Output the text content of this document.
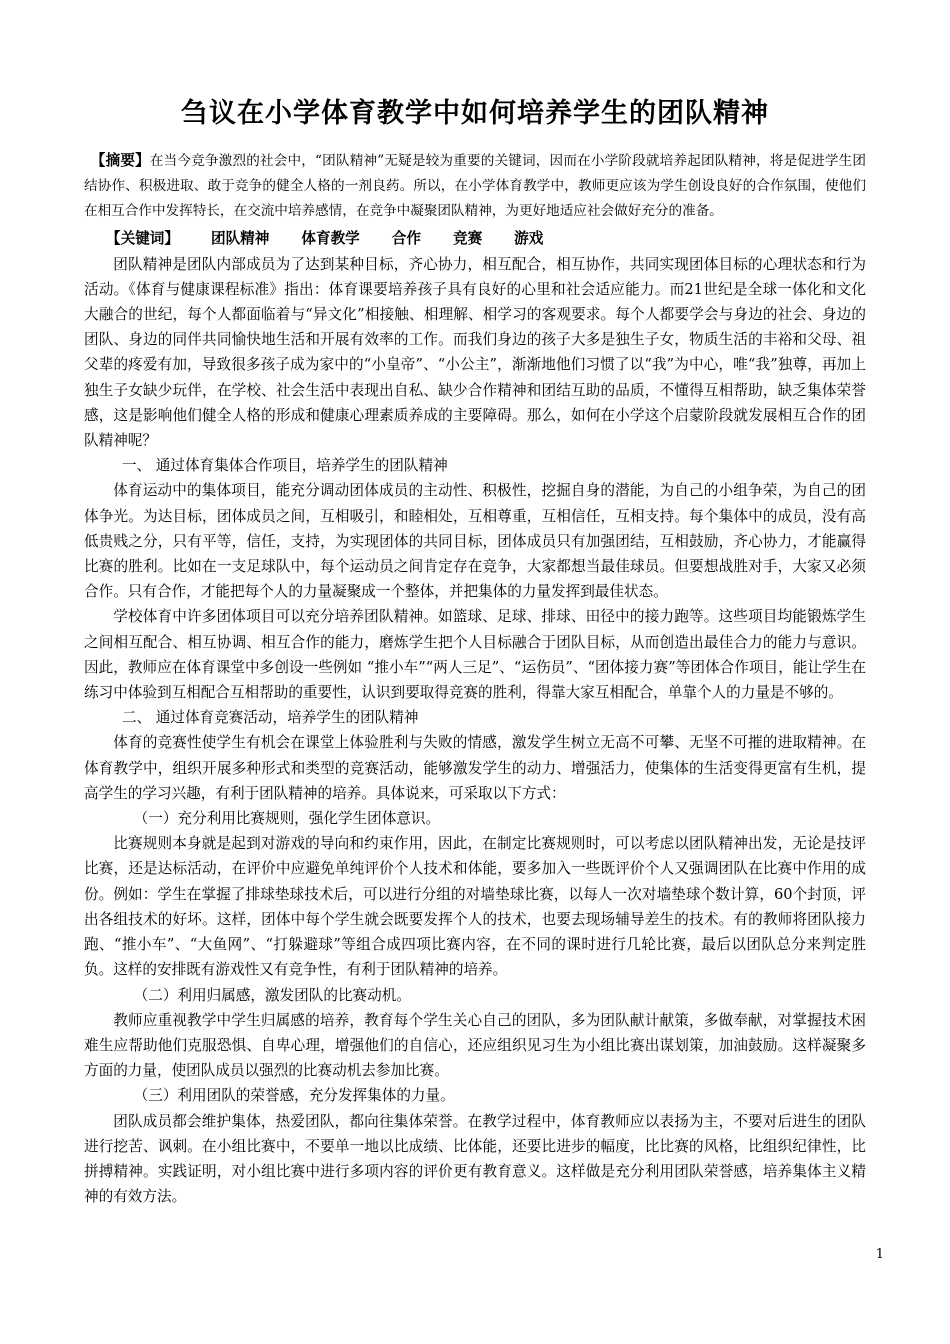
刍议在小学体育教学中如何培养学生的团队精神

【摘要】在当今竞争激烈的社会中，“团队精神”无疑是较为重要的关键词，因而在小学阶段就培养起团队精神，将是促进学生团结协作、积极进取、敢于竞争的健全人格的一剂良药。所以，在小学体育教学中，教师更应该为学生创设良好的合作氛围，使他们在相互合作中发挥特长，在交流中培养感情，在竞争中凝聚团队精神，为更好地适应社会做好充分的准备。

【关键词】 团队精神 体育教学 合作 竞赛 游戏

团队精神是团队内部成员为了达到某种目标，齐心协力，相互配合，相互协作，共同实现团体目标的心理状态和行为活动。《体育与健康课程标准》指出：体育课要培养孩子具有良好的心里和社会适应能力。而21世纪是全球一体化和文化大融合的世纪，每个人都面临着与“异文化”相接触、相理解、相学习的客观要求。每个人都要学会与身边的社会、身边的团队、身边的同伴共同愉快地生活和开展有效率的工作。而我们身边的孩子大多是独生子女，物质生活的丰裕和父母、祖父辈的疼爱有加，导致很多孩子成为家中的“小皇帝”、“小公主”，渐渐地他们习惯了以“我”为中心，唯“我”独尊，再加上独生子女缺少玩伴，在学校、社会生活中表现出自私、缺少合作精神和团结互助的品质，不懂得互相帮助，缺乏集体荣誉感，这是影响他们健全人格的形成和健康心理素质养成的主要障碍。那么，如何在小学这个启蒙阶段就发展相互合作的团队精神呢？

一、 通过体育集体合作项目，培养学生的团队精神

体育运动中的集体项目，能充分调动团体成员的主动性、积极性，挖掘自身的潜能，为自己的小组争荣，为自己的团体争光。为达目标，团体成员之间，互相吸引，和睦相处，互相尊重，互相信任，互相支持。每个集体中的成员，没有高低贵贱之分，只有平等，信任，支持，为实现团体的共同目标，团体成员只有加强团结，互相鼓励，齐心协力，才能赢得比赛的胜利。比如在一支足球队中，每个运动员之间肯定存在竞争，大家都想当最佳球员。但要想战胜对手，大家又必须合作。只有合作，才能把每个人的力量凝聚成一个整体，并把集体的力量发挥到最佳状态。

学校体育中许多团体项目可以充分培养团队精神。如篮球、足球、排球、田径中的接力跑等。这些项目均能锻炼学生之间相互配合、相互协调、相互合作的能力，磨炼学生把个人目标融合于团队目标，从而创造出最佳合力的能力与意识。因此，教师应在体育课堂中多创设一些例如 “推小车”“两人三足”、“运伤员”、“团体接力赛”等团体合作项目，能让学生在练习中体验到互相配合互相帮助的重要性，认识到要取得竞赛的胜利，得靠大家互相配合，单靠个人的力量是不够的。

二、 通过体育竞赛活动，培养学生的团队精神

体育的竞赛性使学生有机会在课堂上体验胜利与失败的情感，激发学生树立无高不可攀、无坚不可摧的进取精神。在体育教学中，组织开展多种形式和类型的竞赛活动，能够激发学生的动力、增强活力，使集体的生活变得更富有生机，提高学生的学习兴趣，有利于团队精神的培养。具体说来，可采取以下方式：

（一）充分利用比赛规则，强化学生团体意识。

比赛规则本身就是起到对游戏的导向和约束作用，因此，在制定比赛规则时，可以考虑以团队精神出发，无论是技评比赛，还是达标活动，在评价中应避免单纯评价个人技术和体能，要多加入一些既评价个人又强调团队在比赛中作用的成份。例如：学生在掌握了排球垫球技术后，可以进行分组的对墙垫球比赛，以每人一次对墙垫球个数计算，60个封顶，评出各组技术的好坏。这样，团体中每个学生就会既要发挥个人的技术，也要去现场辅导差生的技术。有的教师将团队接力跑、“推小车”、“大鱼网”、“打躲避球”等组合成四项比赛内容，在不同的课时进行几轮比赛，最后以团队总分来判定胜负。这样的安排既有游戏性又有竞争性，有利于团队精神的培养。

（二）利用归属感，激发团队的比赛动机。

教师应重视教学中学生归属感的培养，教育每个学生关心自己的团队，多为团队献计献策，多做奉献，对掌握技术困难生应帮助他们克服恐惧、自卑心理，增强他们的自信心，还应组织见习生为小组比赛出谋划策，加油鼓励。这样凝聚多方面的力量，使团队成员以强烈的比赛动机去参加比赛。

（三）利用团队的荣誉感，充分发挥集体的力量。

团队成员都会维护集体，热爱团队，都向往集体荣誉。在教学过程中，体育教师应以表扬为主，不要对后进生的团队进行挖苦、讽刺。在小组比赛中，不要单一地以比成绩、比体能，还要比进步的幅度，比比赛的风格，比组织纪律性，比拼搏精神。实践证明，对小组比赛中进行多项内容的评价更有教育意义。这样做是充分利用团队荣誉感，培养集体主义精神的有效方法。

1
